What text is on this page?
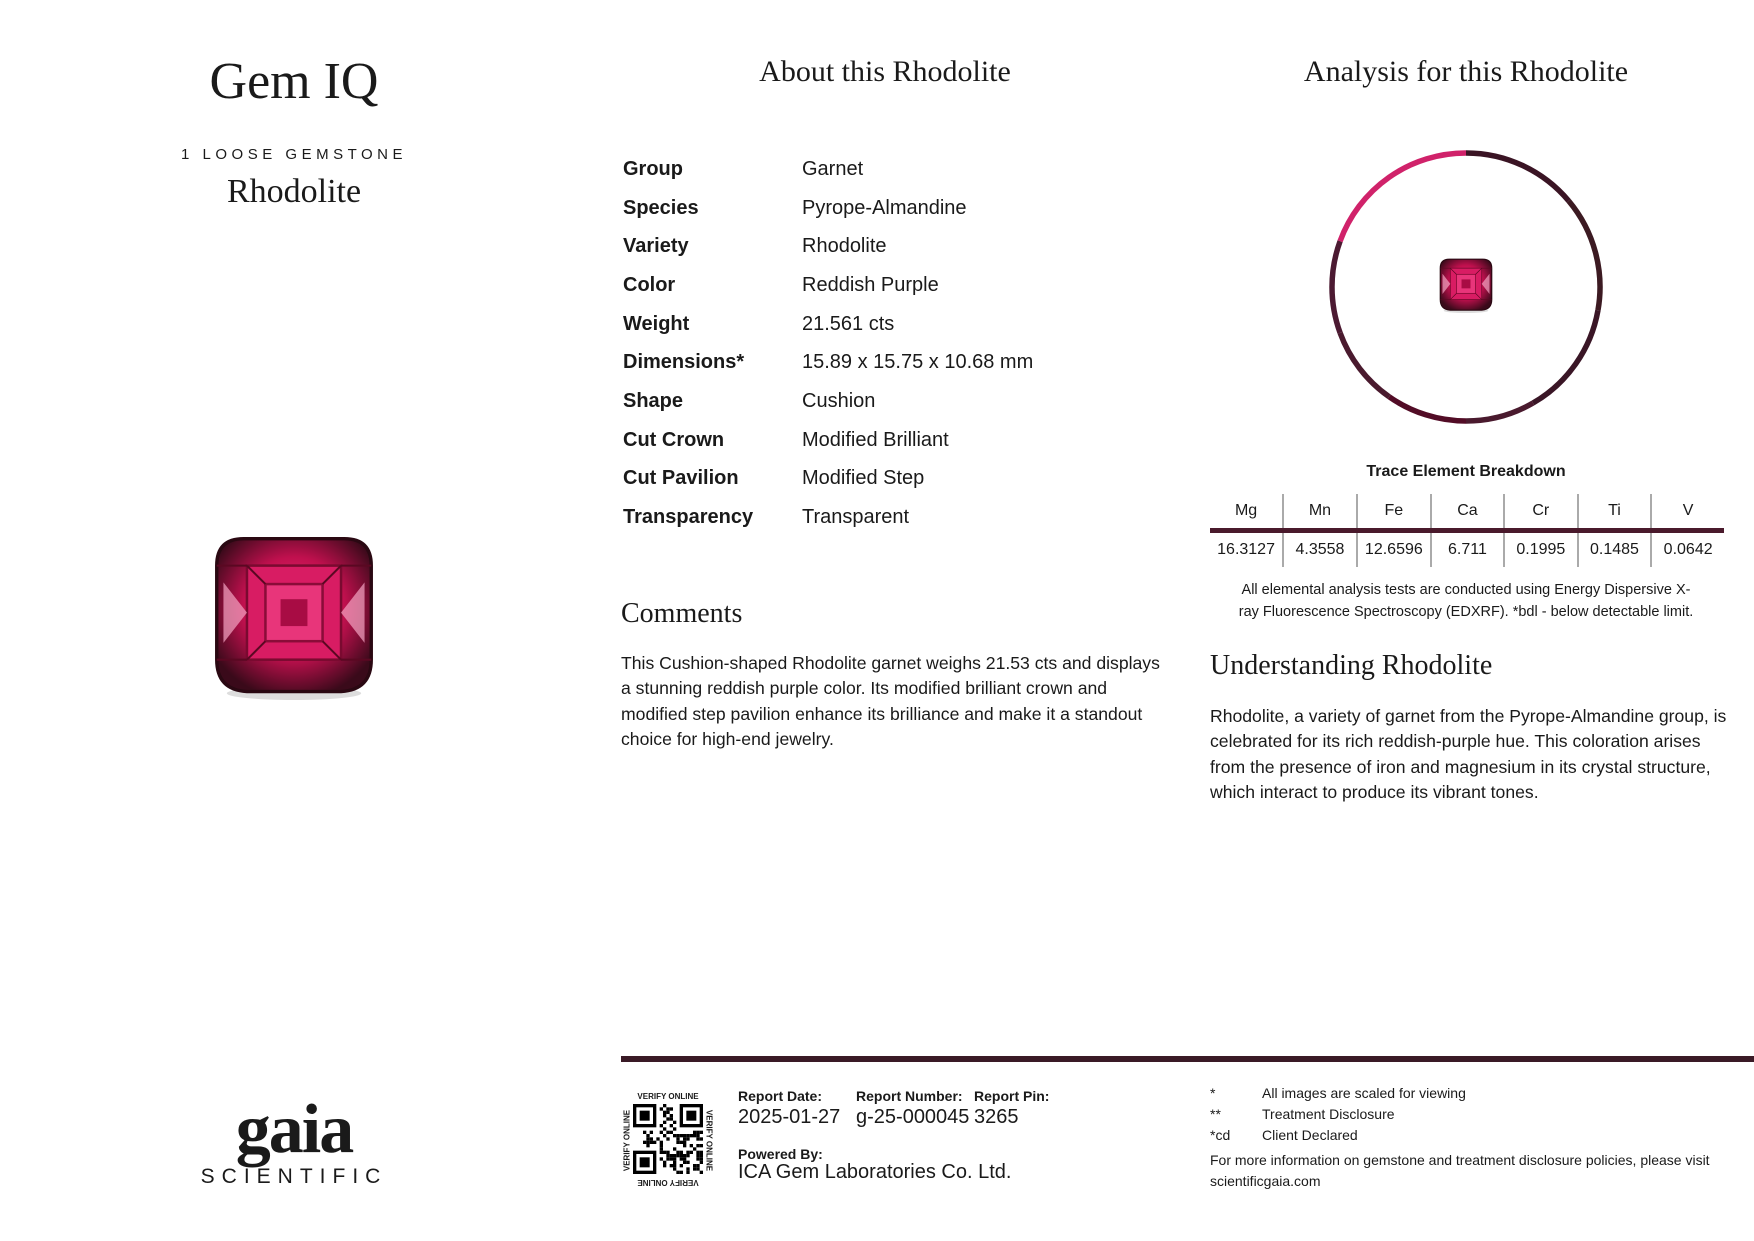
Gem IQ
1 LOOSE GEMSTONE
Rhodolite
gaia
SCIENTIFIC
About this Rhodolite
Group	Garnet
Species	Pyrope-Almandine
Variety	Rhodolite
Color	Reddish Purple
Weight	21.561 cts
Dimensions*	15.89 x 15.75 x 10.68 mm
Shape	Cushion
Cut Crown	Modified Brilliant
Cut Pavilion	Modified Step
Transparency	Transparent
Comments
This Cushion-shaped Rhodolite garnet weighs 21.53 cts and displays a stunning reddish purple color. Its modified brilliant crown and modified step pavilion enhance its brilliance and make it a standout choice for high-end jewelry.
Analysis for this Rhodolite
Trace Element Breakdown
Mg	Mn	Fe	Ca	Cr	Ti	V
16.3127	4.3558	12.6596	6.711	0.1995	0.1485	0.0642
All elemental analysis tests are conducted using Energy Dispersive X-ray Fluorescence Spectroscopy (EDXRF). *bdl - below detectable limit.
Understanding Rhodolite
Rhodolite, a variety of garnet from the Pyrope-Almandine group, is celebrated for its rich reddish-purple hue. This coloration arises from the presence of iron and magnesium in its crystal structure, which interact to produce its vibrant tones.
VERIFY ONLINE
VERIFY ONLINE	VERIFY ONLINE
VERIFY ONLINE
Report Date:
2025-01-27
Report Number:
g-25-000045
Report Pin:
3265
Powered By:
ICA Gem Laboratories Co. Ltd.
*	All images are scaled for viewing
**	Treatment Disclosure
*cd	Client Declared
For more information on gemstone and treatment disclosure policies, please visit scientificgaia.com
